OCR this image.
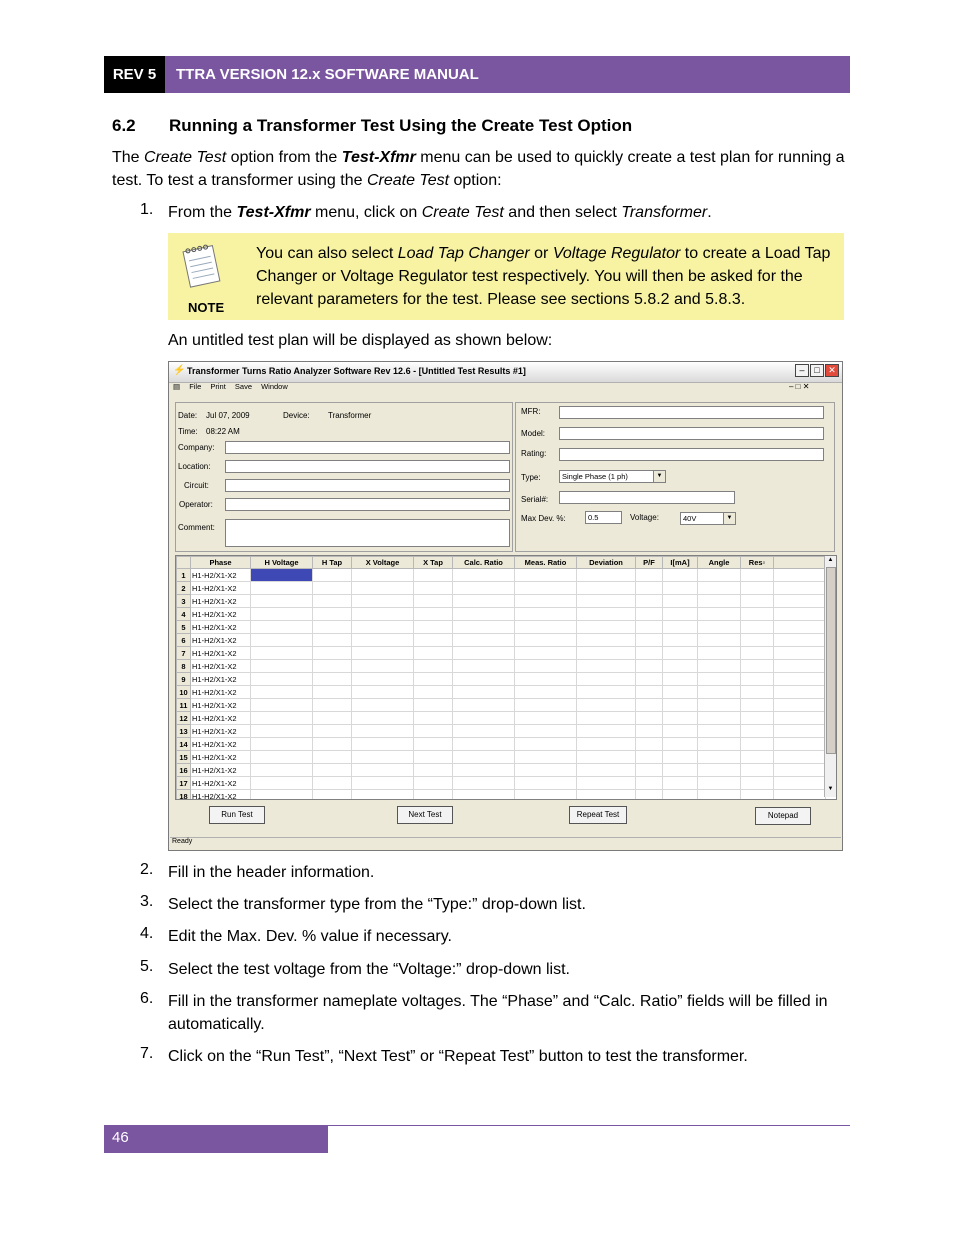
REV 5	TTRA VERSION 12.x SOFTWARE MANUAL
6.2 Running a Transformer Test Using the Create Test Option
The Create Test option from the Test-Xfmr menu can be used to quickly create a test plan for running a test. To test a transformer using the Create Test option:
1. From the Test-Xfmr menu, click on Create Test and then select Transformer.
NOTE
You can also select Load Tap Changer or Voltage Regulator to create a Load Tap Changer or Voltage Regulator test respectively. You will then be asked for the relevant parameters for the test. Please see sections 5.8.2 and 5.8.3.
An untitled test plan will be displayed as shown below:
⚡ Transformer Turns Ratio Analyzer Software Rev 12.6 - [Untitled Test Results #1]	‒	□ ✕
▤ File Print Save Window	‒ □ ✕
Date: Jul 07, 2009	Device: Transformer
Time: 08:22 AM
Company:
Location:
Circuit:
Operator:
Comment:
MFR:
Model:
Rating:
Type:	Single Phase (1 ph)	▼
Serial#:
Max Dev. %:	0.5	Voltage:	40V	▼
	Phase	H Voltage	H Tap	X Voltage	X Tap	Calc. Ratio	Meas. Ratio	Deviation	P/F	I[mA]	Angle	Res▫	
1	H1-H2/X1-X2												
2	H1-H2/X1-X2												
3	H1-H2/X1-X2												
4	H1-H2/X1-X2												
5	H1-H2/X1-X2												
6	H1-H2/X1-X2												
7	H1-H2/X1-X2												
8	H1-H2/X1-X2												
9	H1-H2/X1-X2												
10	H1-H2/X1-X2												
11	H1-H2/X1-X2												
12	H1-H2/X1-X2												
13	H1-H2/X1-X2												
14	H1-H2/X1-X2												
15	H1-H2/X1-X2												
16	H1-H2/X1-X2												
17	H1-H2/X1-X2												
18	H1-H2/X1-X2												
▲
▼
Run Test	Next Test	Repeat Test	Notepad
Ready
2. Fill in the header information.
3. Select the transformer type from the “Type:” drop-down list.
4. Edit the Max. Dev. % value if necessary.
5. Select the test voltage from the “Voltage:” drop-down list.
6. Fill in the transformer nameplate voltages. The “Phase” and “Calc. Ratio” fields will be filled in automatically.
7. Click on the “Run Test”, “Next Test” or “Repeat Test” button to test the transformer.
46
